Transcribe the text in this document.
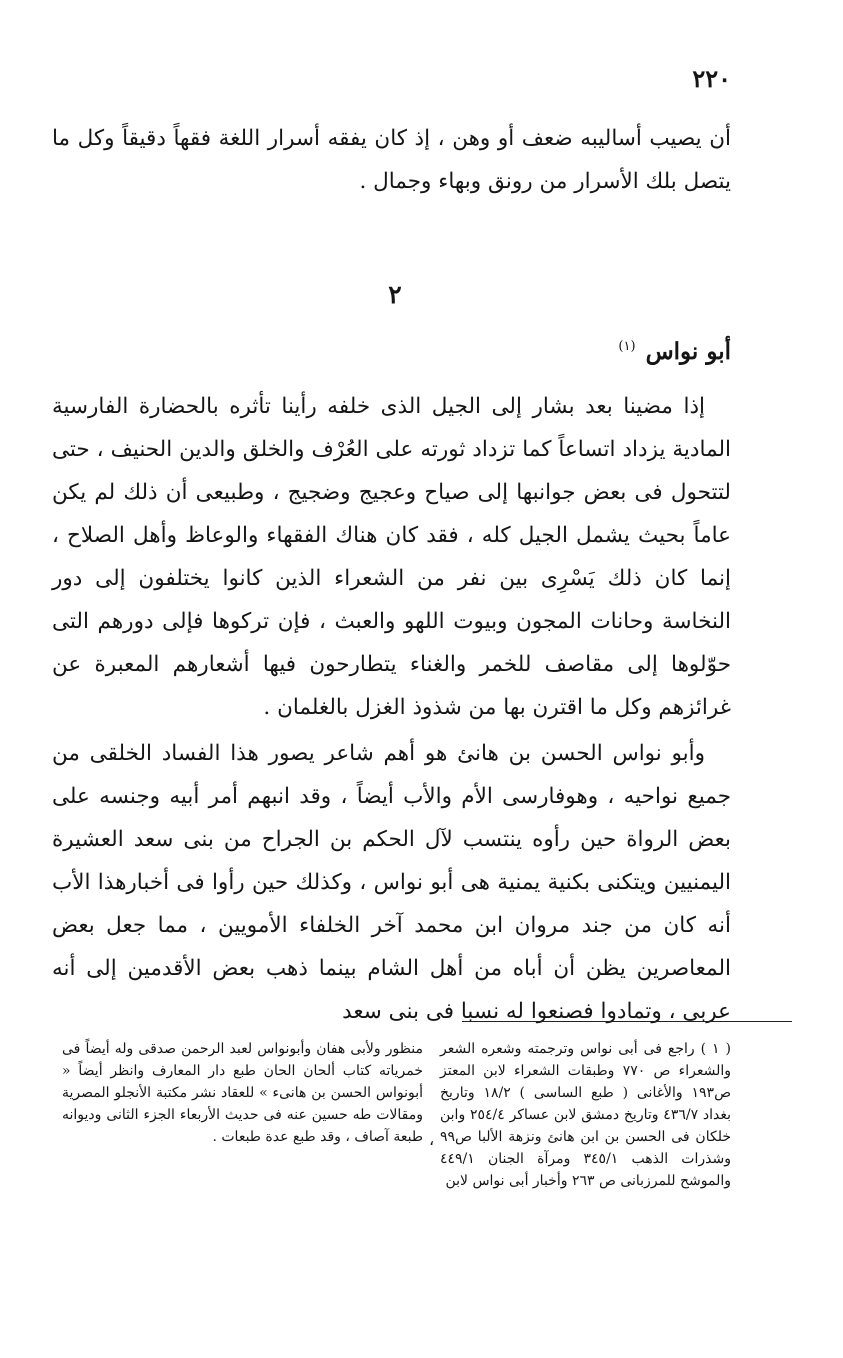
٢٢٠
أن يصيب أساليبه ضعف أو وهن ، إذ كان يفقه أسرار اللغة فقهاً دقيقاً وكل ما يتصل بلك الأسرار من رونق وبهاء وجمال .
٢
أبو نواس $^{(١)}$
إذا مضينا بعد بشار إلى الجيل الذى خلفه رأينا تأثره بالحضارة الفارسية المادية يزداد اتساعاً كما تزداد ثورته على العُرْف والخلق والدين الحنيف ، حتى لتتحول فى بعض جوانبها إلى صياح وعجيج وضجيج ، وطبيعى أن ذلك لم يكن عاماً بحيث يشمل الجيل كله ، فقد كان هناك الفقهاء والوعاظ وأهل الصلاح ، إنما كان ذلك يَسْرِى بين نفر من الشعراء الذين كانوا يختلفون إلى دور النخاسة وحانات المجون وبيوت اللهو والعبث ، فإن تركوها فإلى دورهم التى حوّلوها إلى مقاصف للخمر والغناء يتطارحون فيها أشعارهم المعبرة عن غرائزهم وكل ما اقترن بها من شذوذ الغزل بالغلمان .
وأبو نواس الحسن بن هانئ هو أهم شاعر يصور هذا الفساد الخلقى من جميع نواحيه ، وهوفارسى الأم والأب أيضاً ، وقد انبهم أمر أبيه وجنسه على بعض الرواة حين رأوه ينتسب لآل الحكم بن الجراح من بنى سعد العشيرة اليمنيين ويتكنى بكنية يمنية هى أبو نواس ، وكذلك حين رأوا فى أخبارهذا الأب أنه كان من جند مروان ابن محمد آخر الخلفاء الأمويين ، مما جعل بعض المعاصرين يظن أن أباه من أهل الشام بينما ذهب بعض الأقدمين إلى أنه عربى ، وتمادوا فصنعوا له نسبا فى بنى سعد
( ١ ) راجع فى أبى نواس وترجمته وشعره الشعر والشعراء ص ٧٧٠ وطبقات الشعراء لابن المعتز ص١٩٣ والأغانى ( طبع الساسى ) ١٨/٢ وتاريخ بغداد ٤٣٦/٧ وتاريخ دمشق لابن عساكر ٢٥٤/٤ وابن خلكان فى الحسن بن ابن هانئ ونزهة الألبا ص٩٩ وشذرات الذهب ٣٤٥/١ ومرآة الجنان ٤٤٩/١ والموشح للمرزبانى ص ٢٦٣ وأخبار أبى نواس لابن
،
منظور ولأبى هفان وأبونواس لعبد الرحمن صدقى وله أيضاً فى خمرياته كتاب ألحان الحان طبع دار المعارف وانظر أيضاً « أبونواس الحسن بن هانىء » للعقاد نشر مكتبة الأنجلو المصرية ومقالات طه حسين عنه فى حديث الأربعاء الجزء الثانى وديوانه طبعة آصاف ، وقد طبع عدة طبعات .
